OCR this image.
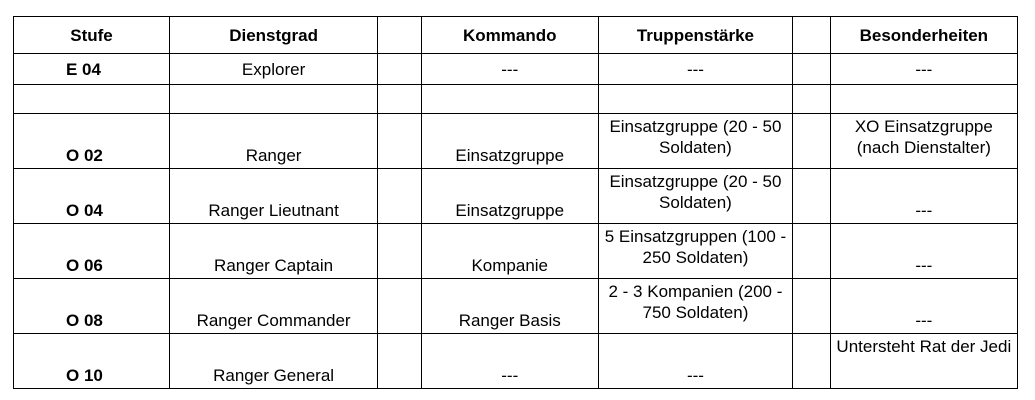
Stufe	Dienstgrad		Kommando	Truppenstärke		Besonderheiten
E 04	Explorer		---	---		---

O 02	Ranger		Einsatzgruppe	Einsatzgruppe (20 - 50 Soldaten)		XO Einsatzgruppe (nach Dienstalter)
O 04	Ranger Lieutnant		Einsatzgruppe	Einsatzgruppe (20 - 50 Soldaten)		---
O 06	Ranger Captain		Kompanie	5 Einsatzgruppen (100 - 250 Soldaten)		---
O 08	Ranger Commander		Ranger Basis	2 - 3 Kompanien (200 - 750 Soldaten)		---
O 10	Ranger General		---	---		Untersteht Rat der Jedi
